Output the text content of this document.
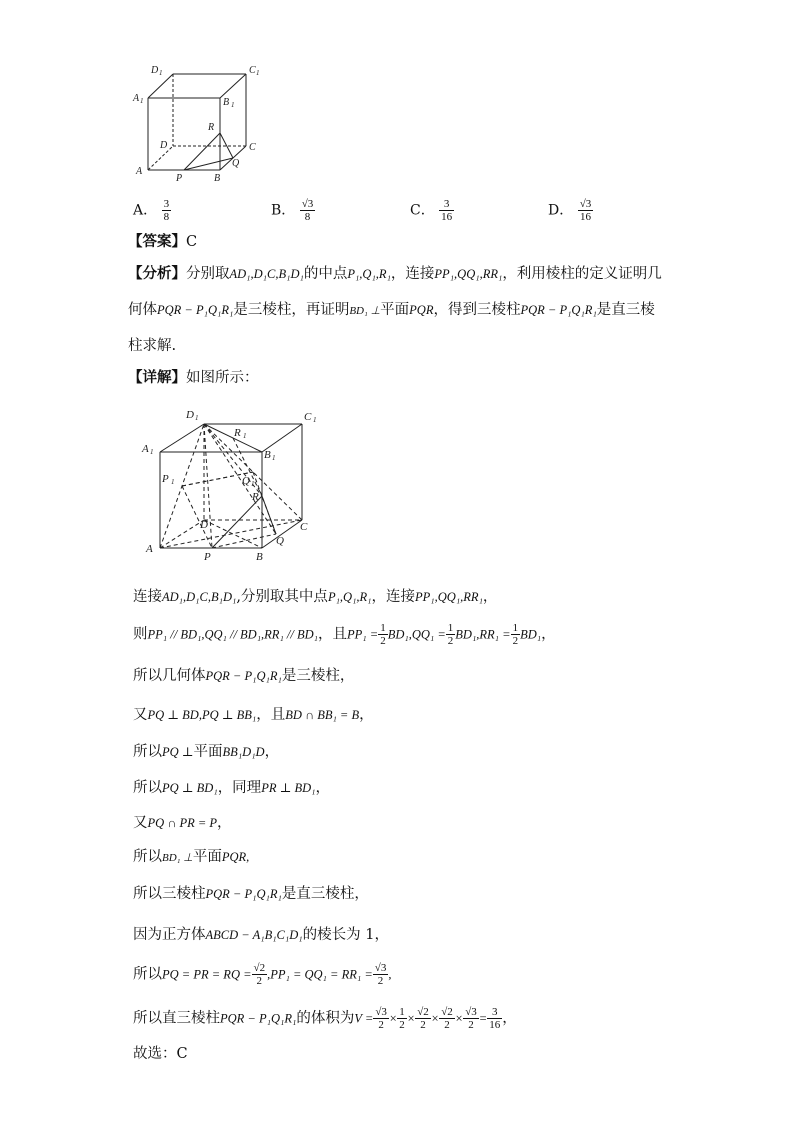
D 1	C 1
A 1	B 1
R
D	C
Q
A
P	B
A． $\frac{3}{8}$	B． $\frac{√3}{8}$	C． $\frac{3}{16}$	D． $\frac{√3}{16}$
【答案】C
【分析】分别取AD₁,D₁C,B₁D₁的中点P₁,Q₁,R₁，连接PP₁,QQ₁,RR₁，利用棱柱的定义证明几
何体PQR − P₁Q₁R₁是三棱柱，再证明BD₁ ⊥平面PQR，得到三棱柱PQR − P₁Q₁R₁是直三棱
柱求解.
【详解】如图所示：
D 1	C 1
R 1
A 1	B 1
Q 1
P 1
R
D	C
Q
A
P	B
连接AD₁,D₁C,B₁D₁,分别取其中点P₁,Q₁,R₁，连接PP₁,QQ₁,RR₁，
则PP₁ // BD₁,QQ₁ // BD₁,RR₁ // BD₁，且$PP_1 = \frac{1}{2} BD_1,QQ_1 = \frac{1}{2} BD_1,RR_1 = \frac{1}{2} BD_1$，
所以几何体PQR − P₁Q₁R₁是三棱柱，
又PQ ⊥ BD,PQ ⊥ BB₁，且BD ∩ BB₁ = B，
所以PQ ⊥平面BB₁D₁D，
所以PQ ⊥ BD₁，同理PR ⊥ BD₁，
又PQ ∩ PR = P，
所以BD₁ ⊥平面PQR,
所以三棱柱PQR − P₁Q₁R₁是直三棱柱，
因为正方体ABCD − A₁B₁C₁D₁的棱长为 1，
所以PQ = PR = RQ = $\frac{√2}{2} ,PP_1 = QQ_1 = RR_1 = \frac{√3}{2}$ ,
所以直三棱柱PQR − P₁Q₁R₁的体积为$V = \frac{√3}{2} \times \frac{1}{2} \times \frac{√2}{2} \times \frac{√2}{2} \times \frac{√3}{2} = \frac{3}{16}$ ，
故选：C
